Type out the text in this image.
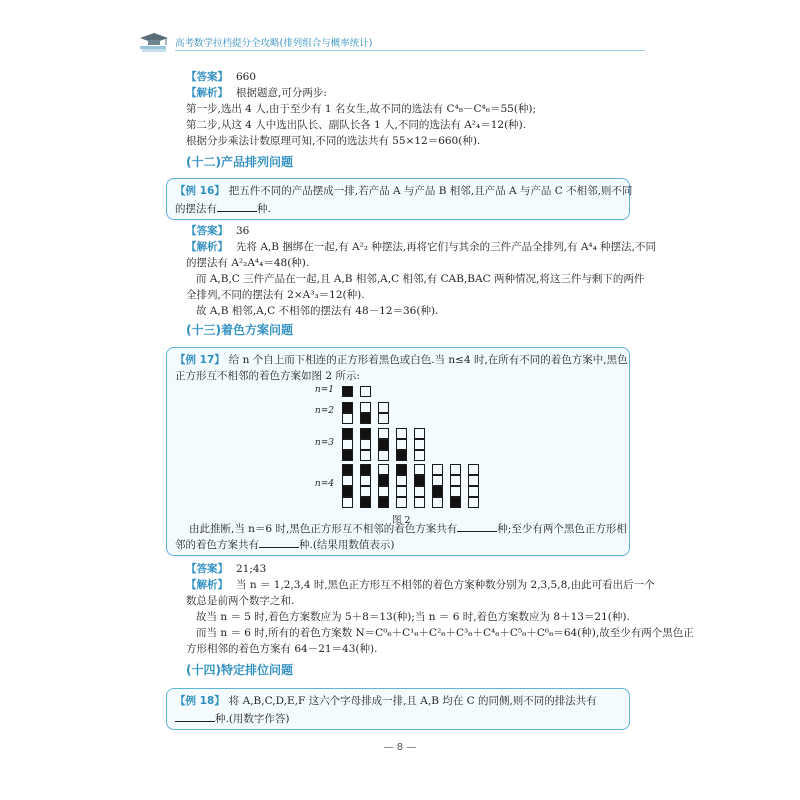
高考数学拉档提分全攻略(排列组合与概率统计)
【答案】 660
【解析】 根据题意,可分两步:
第一步,选出 4 人,由于至少有 1 名女生,故不同的选法有 C⁴₈－C⁴₆＝55(种);
第二步,从这 4 人中选出队长、副队长各 1 人,不同的选法有 A²₄＝12(种).
根据分步乘法计数原理可知,不同的选法共有 55×12＝660(种).
(十二)产品排列问题
【例 16】 把五件不同的产品摆成一排,若产品 A 与产品 B 相邻,且产品 A 与产品 C 不相邻,则不同
的摆法有	种.
【答案】 36
【解析】 先将 A,B 捆绑在一起,有 A²₂ 种摆法,再将它们与其余的三件产品全排列,有 A⁴₄ 种摆法,不同
的摆法有 A²₂A⁴₄＝48(种).
而 A,B,C 三件产品在一起,且 A,B 相邻,A,C 相邻,有 CAB,BAC 两种情况,将这三件与剩下的两件
全排列,不同的摆法有 2×A³₃＝12(种).
故 A,B 相邻,A,C 不相邻的摆法有 48－12＝36(种).
(十三)着色方案问题
【例 17】 给 n 个自上而下相连的正方形着黑色或白色.当 n≤4 时,在所有不同的着色方案中,黑色
正方形互不相邻的着色方案如图 2 所示:
由此推断,当 n＝6 时,黑色正方形互不相邻的着色方案共有	种;至少有两个黑色正方形相
邻的着色方案共有	种.(结果用数值表示)
n=1
n=2
n=3
n=4
图 2
【答案】 21;43
【解析】 当 n ＝ 1,2,3,4 时,黑色正方形互不相邻的着色方案种数分别为 2,3,5,8,由此可看出后一个
数总是前两个数字之和.
故当 n ＝ 5 时,着色方案数应为 5＋8＝13(种);当 n ＝ 6 时,着色方案数应为 8＋13＝21(种).
而当 n ＝ 6 时,所有的着色方案数 N＝C⁰₆＋C¹₆＋C²₆＋C³₆＋C⁴₆＋C⁵₆＋C⁶₆＝64(种),故至少有两个黑色正
方形相邻的着色方案有 64－21＝43(种).
(十四)特定排位问题
【例 18】 将 A,B,C,D,E,F 这六个字母排成一排,且 A,B 均在 C 的同侧,则不同的排法共有
种.(用数字作答)
— 8 —
